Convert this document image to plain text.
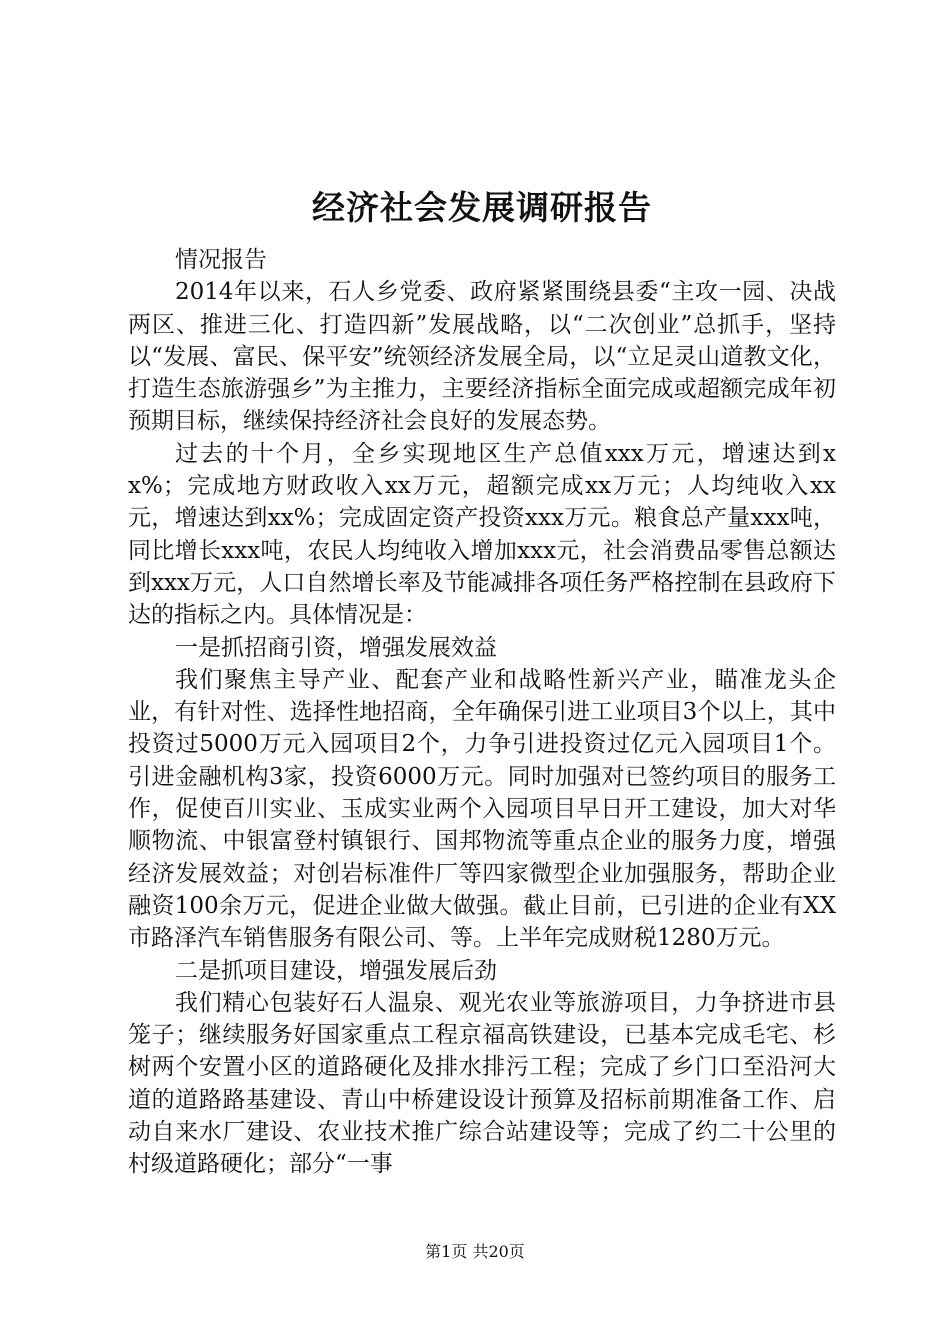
经济社会发展调研报告

情况报告

2014年以来，石人乡党委、政府紧紧围绕县委“主攻一园、决战两区、推进三化、打造四新”发展战略，以“二次创业”总抓手，坚持以“发展、富民、保平安”统领经济发展全局，以“立足灵山道教文化，打造生态旅游强乡”为主推力，主要经济指标全面完成或超额完成年初预期目标，继续保持经济社会良好的发展态势。

过去的十个月，全乡实现地区生产总值xxx万元，增速达到xx%；完成地方财政收入xx万元，超额完成xx万元；人均纯收入xx元，增速达到xx%；完成固定资产投资xxx万元。粮食总产量xxx吨，同比增长xxx吨，农民人均纯收入增加xxx元，社会消费品零售总额达到xxx万元，人口自然增长率及节能减排各项任务严格控制在县政府下达的指标之内。具体情况是：

一是抓招商引资，增强发展效益

我们聚焦主导产业、配套产业和战略性新兴产业，瞄准龙头企业，有针对性、选择性地招商，全年确保引进工业项目3个以上，其中投资过5000万元入园项目2个，力争引进投资过亿元入园项目1个。引进金融机构3家，投资6000万元。同时加强对已签约项目的服务工作，促使百川实业、玉成实业两个入园项目早日开工建设，加大对华顺物流、中银富登村镇银行、国邦物流等重点企业的服务力度，增强经济发展效益；对创岩标准件厂等四家微型企业加强服务，帮助企业融资100余万元，促进企业做大做强。截止目前，已引进的企业有XX市路泽汽车销售服务有限公司、等。上半年完成财税1280万元。

二是抓项目建设，增强发展后劲

我们精心包装好石人温泉、观光农业等旅游项目，力争挤进市县笼子；继续服务好国家重点工程京福高铁建设，已基本完成毛宅、杉树两个安置小区的道路硬化及排水排污工程；完成了乡门口至沿河大道的道路路基建设、青山中桥建设设计预算及招标前期准备工作、启动自来水厂建设、农业技术推广综合站建设等；完成了约二十公里的村级道路硬化；部分“一事

第1页 共20页
